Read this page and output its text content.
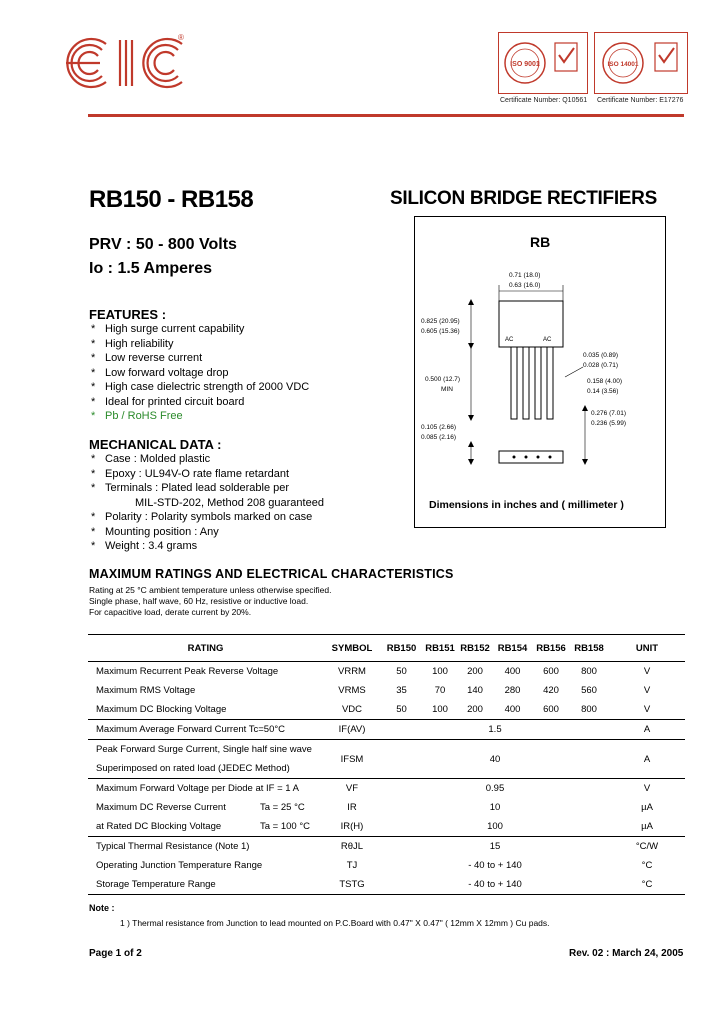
®
ISO 9001
Certificate Number: Q10561
ISO 14001
Certificate Number: E17276
RB150 - RB158	SILICON BRIDGE RECTIFIERS
PRV : 50 - 800 Volts
Io : 1.5 Amperes
FEATURES :
* High surge current capability
* High reliability
* Low reverse current
* Low forward voltage drop
* High case dielectric strength of 2000 VDC
* Ideal for printed circuit board
* Pb / RoHS Free
MECHANICAL DATA :
* Case : Molded plastic
* Epoxy : UL94V-O rate flame retardant
* Terminals : Plated lead solderable per
MIL-STD-202, Method 208 guaranteed
* Polarity : Polarity symbols marked on case
* Mounting position : Any
* Weight : 3.4 grams
RB
AC	AC
0.71 (18.0)
0.63 (16.0)
0.825 (20.95)
0.605 (15.36)
0.500 (12.7)
MIN
0.105 (2.66)
0.085 (2.16)
0.035 (0.89)
0.028 (0.71)
0.158 (4.00)
0.14 (3.56)
0.276 (7.01)
0.236 (5.99)
Dimensions in inches and ( millimeter )
MAXIMUM RATINGS AND ELECTRICAL CHARACTERISTICS
Rating at 25 °C ambient temperature unless otherwise specified.
Single phase, half wave, 60 Hz, resistive or inductive load.
For capacitive load, derate current by 20%.
RATING	SYMBOL	RB150	RB151	RB152	RB154	RB156	RB158	UNIT
Maximum Recurrent Peak Reverse Voltage	VRRM	50	100	200	400	600	800	V
Maximum RMS Voltage	VRMS	35	70	140	280	420	560	V
Maximum DC Blocking Voltage	VDC	50	100	200	400	600	800	V
Maximum Average Forward Current Tc=50°C	IF(AV)	1.5						A

Peak Forward Surge Current, Single half sine wave
Superimposed on rated load (JEDEC Method)	IFSM	40						A
Maximum Forward Voltage per Diode at IF = 1 A	VF	0.95						V
Maximum DC Reverse Current Ta = 25 °C	IR	10						µA
at Rated DC Blocking Voltage Ta = 100 °C	IR(H)	100						µA
Typical Thermal Resistance (Note 1)	RθJL	15						°C/W
Operating Junction Temperature Range	TJ	- 40 to + 140						°C
Storage Temperature Range	TSTG	- 40 to + 140						°C
Note :
1 ) Thermal resistance from Junction to lead mounted on P.C.Board with 0.47" X 0.47" ( 12mm X 12mm ) Cu pads.
Page 1 of 2	Rev. 02 : March 24, 2005
